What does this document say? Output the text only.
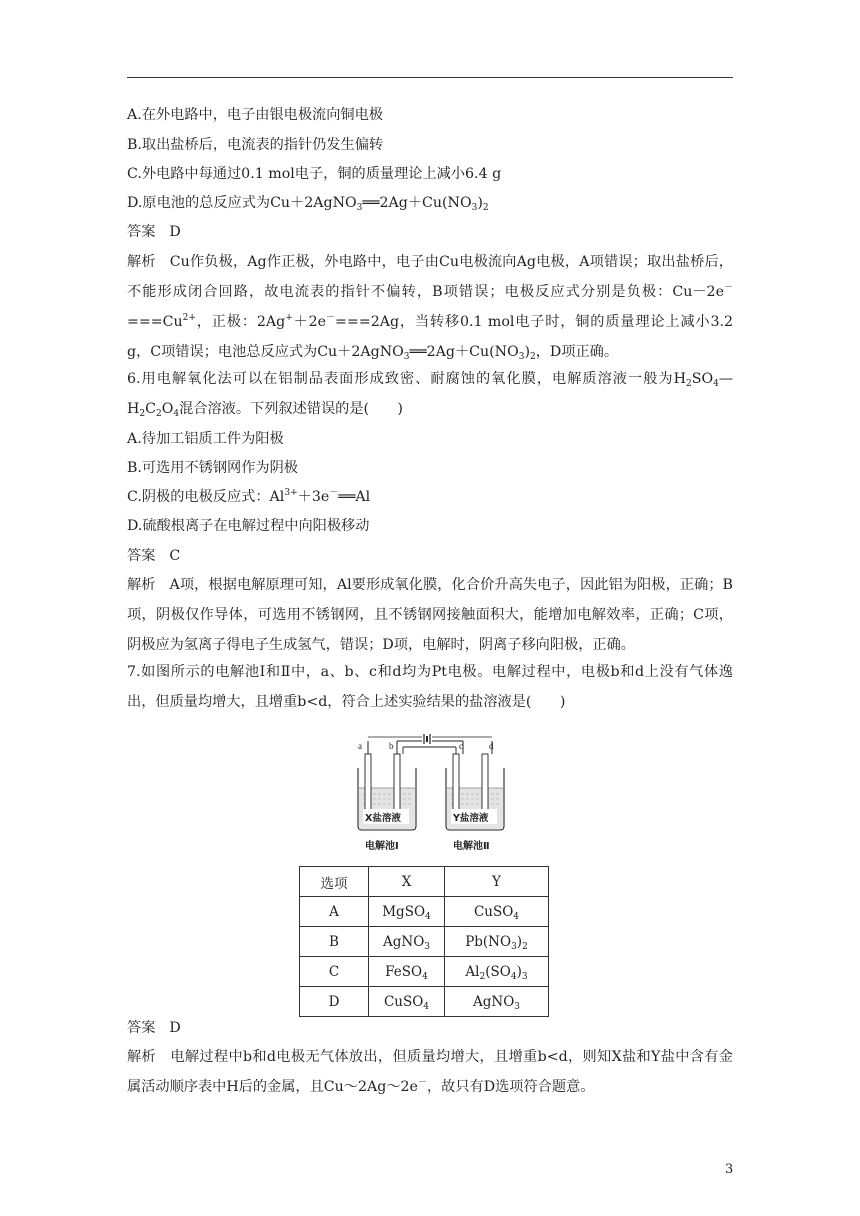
A.在外电路中，电子由银电极流向铜电极
B.取出盐桥后，电流表的指针仍发生偏转
C.外电路中每通过0.1 mol电子，铜的质量理论上减小6.4 g
D.原电池的总反应式为$Cu+2AgNO_3══2Ag+Cu(NO_3)_2$
答案 D
解析 Cu作负极，Ag作正极，外电路中，电子由Cu电极流向Ag电极，A项错误；取出盐桥后，不能形成闭合回路，故电流表的指针不偏转，B项错误；电极反应式分别是负极：$Cu-2e^-===Cu^{2+}$，正极：2Ag+＋2e－===2Ag，当转移0.1 mol电子时，铜的质量理论上减小3.2 g，C项错误；电池总反应式为$Cu+2AgNO_3══2Ag+Cu(NO_3)_2$，D项正确。
6.用电解氧化法可以在铝制品表面形成致密、耐腐蚀的氧化膜，电解质溶液一般为$H_2SO_4—H_2C_2O_4$混合溶液。下列叙述错误的是(　　)
A.待加工铝质工件为阳极
B.可选用不锈钢网作为阴极
C.阴极的电极反应式：$Al^{3+}+3e^-══Al$
D.硫酸根离子在电解过程中向阳极移动
答案 C
解析 A项，根据电解原理可知，Al要形成氧化膜，化合价升高失电子，因此铝为阳极，正确；B项，阴极仅作导体，可选用不锈钢网，且不锈钢网接触面积大，能增加电解效率，正确；C项，阴极应为氢离子得电子生成氢气，错误；D项，电解时，阴离子移向阳极，正确。
7.如图所示的电解池Ⅰ和Ⅱ中，a、b、c和d均为Pt电极。电解过程中，电极b和d上没有气体逸出，但质量均增大，且增重b<d，符合上述实验结果的盐溶液是(　　)
a	b	c	d
X盐溶液	Y盐溶液
电解池Ⅰ	电解池Ⅱ
选项	X	Y
A	MgSO$_4$	CuSO$_4$
B	AgNO$_3$	$Pb(NO_3)_2$
C	FeSO$_4$	$Al_2(SO_4)_3$
D	CuSO$_4$	AgNO$_3$
答案 D
解析 电解过程中b和d电极无气体放出，但质量均增大，且增重b<d，则知X盐和Y盐中含有金属活动顺序表中H后的金属，且Cu～2Ag～2e－，故只有D选项符合题意。
3
